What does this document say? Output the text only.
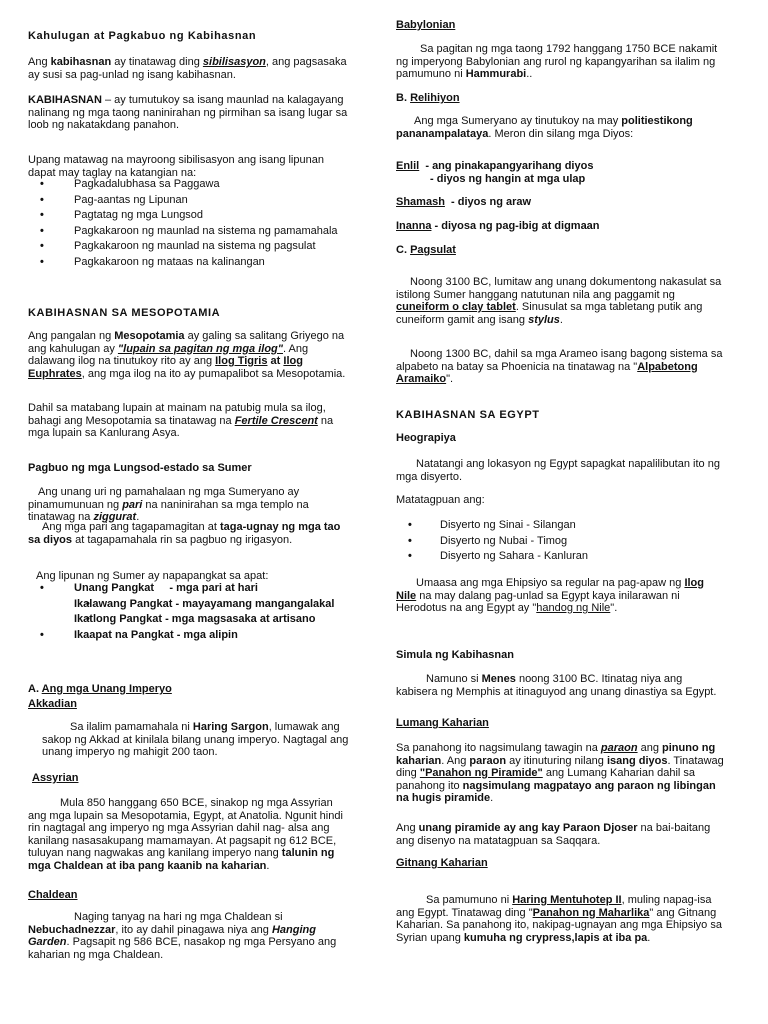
Kahulugan at Pagkabuo ng Kabihasnan

Ang kabihasnan ay tinatawag ding sibilisasyon, ang pagsasaka ay susi sa pag-unlad ng isang kabihasnan.

KABIHASNAN – ay tumutukoy sa isang maunlad na kalagayang nalinang ng mga taong naninirahan ng pirmihan sa isang lugar sa loob ng nakatakdang panahon.

Upang matawag na mayroong sibilisasyon ang isang lipunan dapat may taglay na katangian na:

• Pagkadalubhasa sa Paggawa
• Pag-aantas ng Lipunan
• Pagtatag ng mga Lungsod
• Pagkakaroon ng maunlad na sistema ng pamamahala
• Pagkakaroon ng maunlad na sistema ng pagsulat
• Pagkakaroon ng mataas na kalinangan
KABIHASNAN SA MESOPOTAMIA

Ang pangalan ng Mesopotamia ay galing sa salitang Griyego na ang kahulugan ay "lupain sa pagitan ng mga ilog". Ang dalawang ilog na tinutukoy rito ay ang Ilog Tigris at Ilog Euphrates, ang mga ilog na ito ay pumapalibot sa Mesopotamia.

Dahil sa matabang lupain at mainam na patubig mula sa ilog, bahagi ang Mesopotamia sa tinatawag na Fertile Crescent na mga lupain sa Kanlurang Asya.

Pagbuo ng mga Lungsod-estado sa Sumer

Ang unang uri ng pamahalaan ng mga Sumeryano ay pinamumunuan ng pari na naninirahan sa mga templo na tinatawag na ziggurat.

Ang mga pari ang tagapamagitan at taga-ugnay ng mga tao sa diyos at tagapamahala rin sa pagbuo ng irigasyon.

Ang lipunan ng Sumer ay napapangkat sa apat:

• Unang Pangkat     - mga pari at hari
• Ikalawang Pangkat - mayayamang mangangalakal
• Ikatlong Pangkat - mga magsasaka at artisano
• Ikaapat na Pangkat - mga alipin
A. Ang mga Unang Imperyo
Akkadian

Sa ilalim pamamahala ni Haring Sargon, lumawak ang sakop ng Akkad at kinilala bilang unang imperyo. Nagtagal ang unang imperyo ng mahigit 200 taon.

Assyrian

Mula 850 hanggang 650 BCE, sinakop ng mga Assyrian ang mga lupain sa Mesopotamia, Egypt, at Anatolia. Ngunit hindi rin nagtagal ang imperyo ng mga Assyrian dahil nag- alsa ang kanilang nasasakupang mamamayan. At pagsapit ng 612 BCE, tuluyan nang nagwakas ang kanilang imperyo nang talunin ng mga Chaldean at iba pang kaanib na kaharian.

Chaldean

Naging tanyag na hari ng mga Chaldean si Nebuchadnezzar, ito ay dahil pinagawa niya ang Hanging Garden. Pagsapit ng 586 BCE, nasakop ng mga Persyano ang kaharian ng mga Chaldean.

Babylonian

Sa pagitan ng mga taong 1792 hanggang 1750 BCE nakamit ng imperyong Babylonian ang rurol ng kapangyarihan sa ilalim ng pamumuno ni Hammurabi..

B. Relihiyon

Ang mga Sumeryano ay tinutukoy na may politiestikong pananampalataya. Meron din silang mga Diyos:

Enlil  - ang pinakapangyarihang diyos
- diyos ng hangin at mga ulap
Shamash  - diyos ng araw
Inanna - diyosa ng pag-ibig at digmaan
C. Pagsulat

Noong 3100 BC, lumitaw ang unang dokumentong nakasulat sa istilong Sumer hanggang natutunan nila ang paggamit ng cuneiform o clay tablet. Sinusulat sa mga tabletang putik ang cuneiform gamit ang isang stylus.

Noong 1300 BC, dahil sa mga Arameo isang bagong sistema sa alpabeto na batay sa Phoenicia na tinatawag na "Alpabetong Aramaiko".

KABIHASNAN SA EGYPT
Heograpiya

Natatangi ang lokasyon ng Egypt sapagkat napalilibutan ito ng mga disyerto.

Matatagpuan ang:

• Disyerto ng Sinai - Silangan
• Disyerto ng Nubai - Timog
• Disyerto ng Sahara - Kanluran

Umaasa ang mga Ehipsiyo sa regular na pag-apaw ng Ilog Nile na may dalang pag-unlad sa Egypt kaya inilarawan ni Herodotus na ang Egypt ay "handog ng Nile".

Simula ng Kabihasnan

Namuno si Menes noong 3100 BC. Itinatag niya ang kabisera ng Memphis at itinaguyod ang unang dinastiya sa Egypt.

Lumang Kaharian

Sa panahong ito nagsimulang tawagin na paraon ang pinuno ng kaharian. Ang paraon ay itinuturing nilang isang diyos. Tinatawag ding "Panahon ng Piramide" ang Lumang Kaharian dahil sa panahong ito nagsimulang magpatayo ang paraon ng libingan na hugis piramide.

Ang unang piramide ay ang kay Paraon Djoser na bai-baitang ang disenyo na matatagpuan sa Saqqara.

Gitnang Kaharian

Sa pamumuno ni Haring Mentuhotep II, muling napag-isa ang Egypt. Tinatawag ding "Panahon ng Maharlika" ang Gitnang Kaharian. Sa panahong ito, nakipag-ugnayan ang mga Ehipsiyo sa Syrian upang kumuha ng crypress,lapis at iba pa.
